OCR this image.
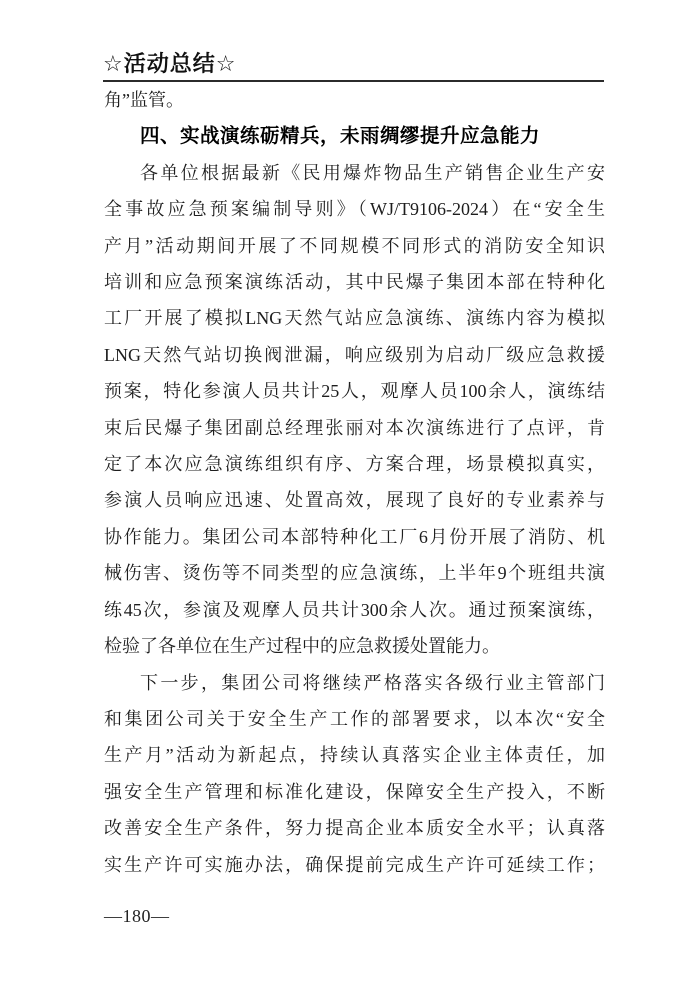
☆活动总结☆
角”监管。
四、实战演练砺精兵，未雨绸缪提升应急能力
各单位根据最新《民用爆炸物品生产销售企业生产安
全事故应急预案编制导则》（WJ/T9106-2024）在“安全生
产月”活动期间开展了不同规模不同形式的消防安全知识
培训和应急预案演练活动，其中民爆子集团本部在特种化
工厂开展了模拟LNG天然气站应急演练、演练内容为模拟
LNG天然气站切换阀泄漏，响应级别为启动厂级应急救援
预案，特化参演人员共计25人，观摩人员100余人，演练结
束后民爆子集团副总经理张丽对本次演练进行了点评，肯
定了本次应急演练组织有序、方案合理，场景模拟真实，
参演人员响应迅速、处置高效，展现了良好的专业素养与
协作能力。集团公司本部特种化工厂6月份开展了消防、机
械伤害、烫伤等不同类型的应急演练，上半年9个班组共演
练45次，参演及观摩人员共计300余人次。通过预案演练，
检验了各单位在生产过程中的应急救援处置能力。
下一步，集团公司将继续严格落实各级行业主管部门
和集团公司关于安全生产工作的部署要求，以本次“安全
生产月”活动为新起点，持续认真落实企业主体责任，加
强安全生产管理和标准化建设，保障安全生产投入，不断
改善安全生产条件，努力提高企业本质安全水平；认真落
实生产许可实施办法，确保提前完成生产许可延续工作；
—180—
